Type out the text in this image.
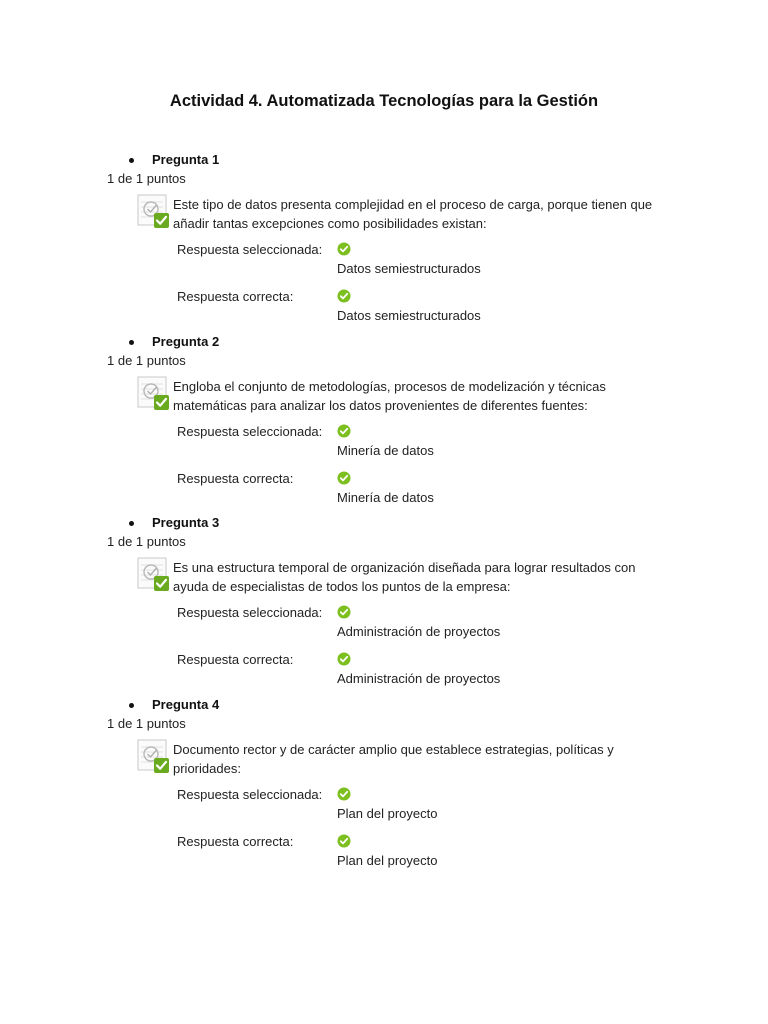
Actividad 4. Automatizada Tecnologías para la Gestión
Pregunta 1
1 de 1 puntos
Este tipo de datos presenta complejidad en el proceso de carga, porque tienen que añadir tantas excepciones como posibilidades existan:
Respuesta seleccionada:
Datos semiestructurados
Respuesta correcta:
Datos semiestructurados
Pregunta 2
1 de 1 puntos
Engloba el conjunto de metodologías, procesos de modelización y técnicas matemáticas para analizar los datos provenientes de diferentes fuentes:
Respuesta seleccionada:
Minería de datos
Respuesta correcta:
Minería de datos
Pregunta 3
1 de 1 puntos
Es una estructura temporal de organización diseñada para lograr resultados con ayuda de especialistas de todos los puntos de la empresa:
Respuesta seleccionada:
Administración de proyectos
Respuesta correcta:
Administración de proyectos
Pregunta 4
1 de 1 puntos
Documento rector y de carácter amplio que establece estrategias, políticas y prioridades:
Respuesta seleccionada:
Plan del proyecto
Respuesta correcta:
Plan del proyecto
